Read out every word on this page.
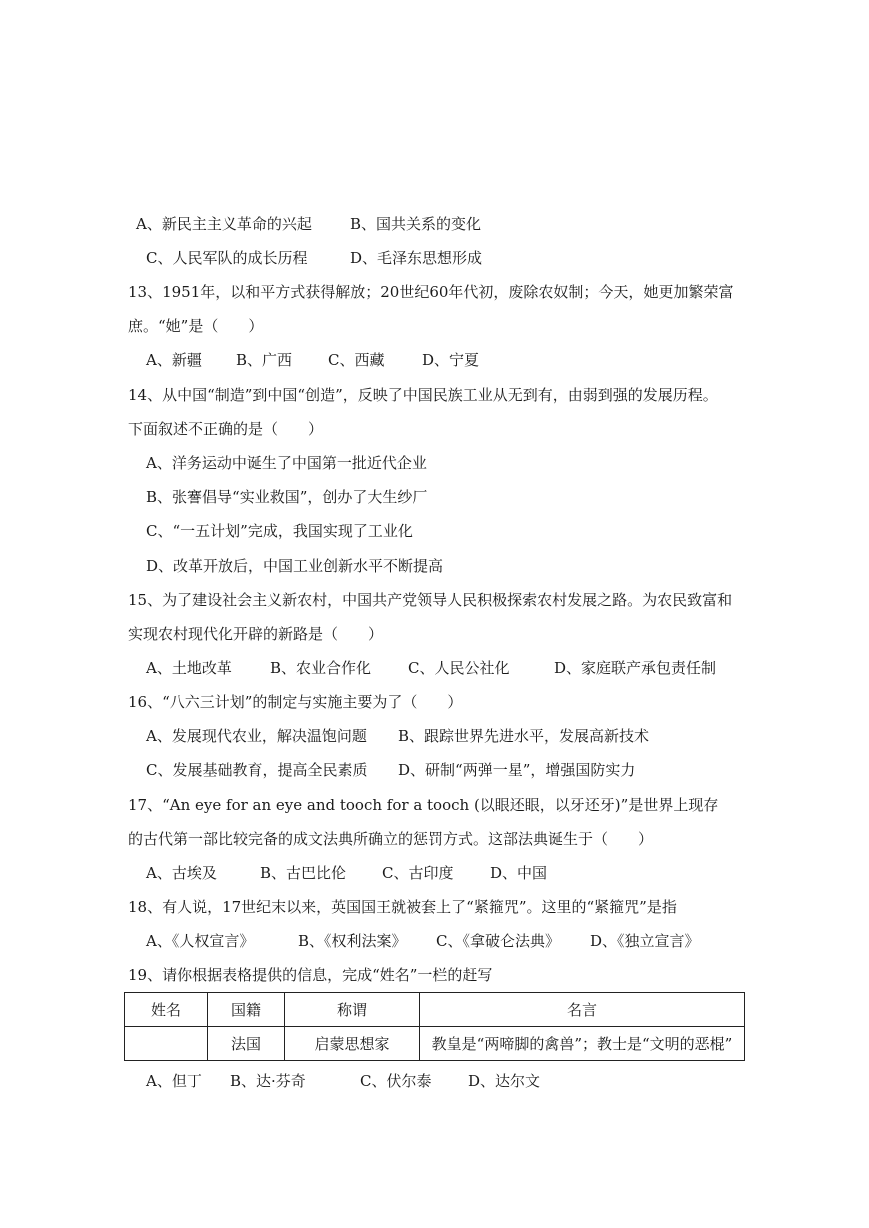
A、新民主主义革命的兴起	B、国共关系的变化
C、人民军队的成长历程	D、毛泽东思想形成
13、1951年，以和平方式获得解放；20世纪60年代初，废除农奴制；今天，她更加繁荣富
庶。“她”是（　　）
A、新疆 B、广西 C、西藏	D、宁夏
14、从中国“制造”到中国“创造”，反映了中国民族工业从无到有，由弱到强的发展历程。
下面叙述不正确的是（　　）
A、洋务运动中诞生了中国第一批近代企业
B、张謇倡导“实业救国”，创办了大生纱厂
C、“一五计划”完成，我国实现了工业化
D、改革开放后，中国工业创新水平不断提高
15、为了建设社会主义新农村，中国共产党领导人民积极探索农村发展之路。为农民致富和
实现农村现代化开辟的新路是（　　）
A、土地改革	B、农业合作化 C、人民公社化	D、家庭联产承包责任制
16、“八六三计划”的制定与实施主要为了（　　）
A、发展现代农业，解决温饱问题 B、跟踪世界先进水平，发展高新技术
C、发展基础教育，提高全民素质 D、研制“两弹一星”，增强国防实力
17、“An eye for an eye and tooch for a tooch (以眼还眼，以牙还牙)”是世界上现存
的古代第一部比较完备的成文法典所确立的惩罚方式。这部法典诞生于（　　）
A、古埃及	B、古巴比伦 C、古印度 D、中国
18、有人说，17世纪末以来，英国国王就被套上了“紧箍咒”。这里的“紧箍咒”是指
A、《人权宣言》	B、《权利法案》 C、《拿破仑法典》 D、《独立宣言》
19、请你根据表格提供的信息，完成“姓名”一栏的赶写
姓名	国籍	称谓	名言
	法国	启蒙思想家	教皇是“两啼脚的禽兽”；教士是“文明的恶棍”
A、但丁 B、达·芬奇	C、伏尔泰 D、达尔文
